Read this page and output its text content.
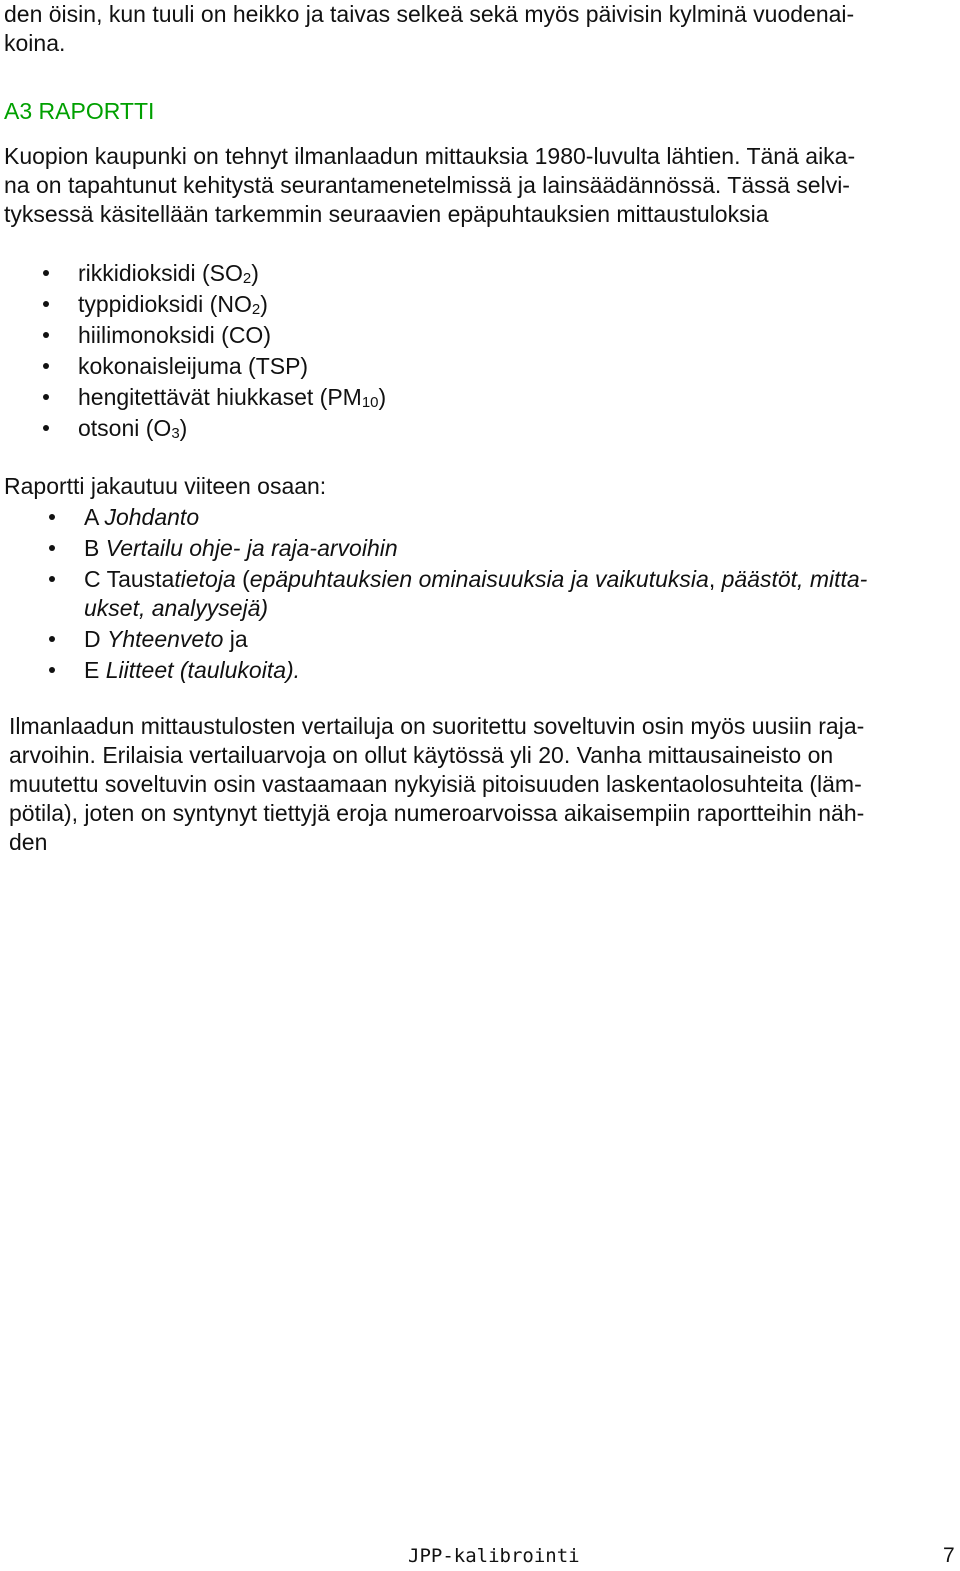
den öisin, kun tuuli on heikko ja taivas selkeä sekä myös päivisin kylminä vuodenai-
koina.
A3 RAPORTTI
Kuopion kaupunki on tehnyt ilmanlaadun mittauksia 1980-luvulta lähtien. Tänä aika-
na on tapahtunut kehitystä seurantamenetelmissä ja lainsäädännössä. Tässä selvi-
tyksessä käsitellään tarkemmin seuraavien epäpuhtauksien mittaustuloksia
rikkidioksidi $(SO_2)$
typpidioksidi $(NO_2)$
hiilimonoksidi (CO)
kokonaisleijuma (TSP)
hengitettävät hiukkaset $(PM_{10})$
otsoni $(O_3)$
Raportti jakautuu viiteen osaan:
A Johdanto
B Vertailu ohje- ja raja-arvoihin
C Taustatietoja (epäpuhtauksien ominaisuuksia ja vaikutuksia, päästöt, mitta-
ukset, analyysejä)
D Yhteenveto ja
E Liitteet (taulukoita).
Ilmanlaadun mittaustulosten vertailuja on suoritettu soveltuvin osin myös uusiin raja-
arvoihin. Erilaisia vertailuarvoja on ollut käytössä yli 20. Vanha mittausaineisto on
muutettu soveltuvin osin vastaamaan nykyisiä pitoisuuden laskentaolosuhteita (läm-
pötila), joten on syntynyt tiettyjä eroja numeroarvoissa aikaisempiin raportteihin näh-
den
JPP-kalibrointi	7
